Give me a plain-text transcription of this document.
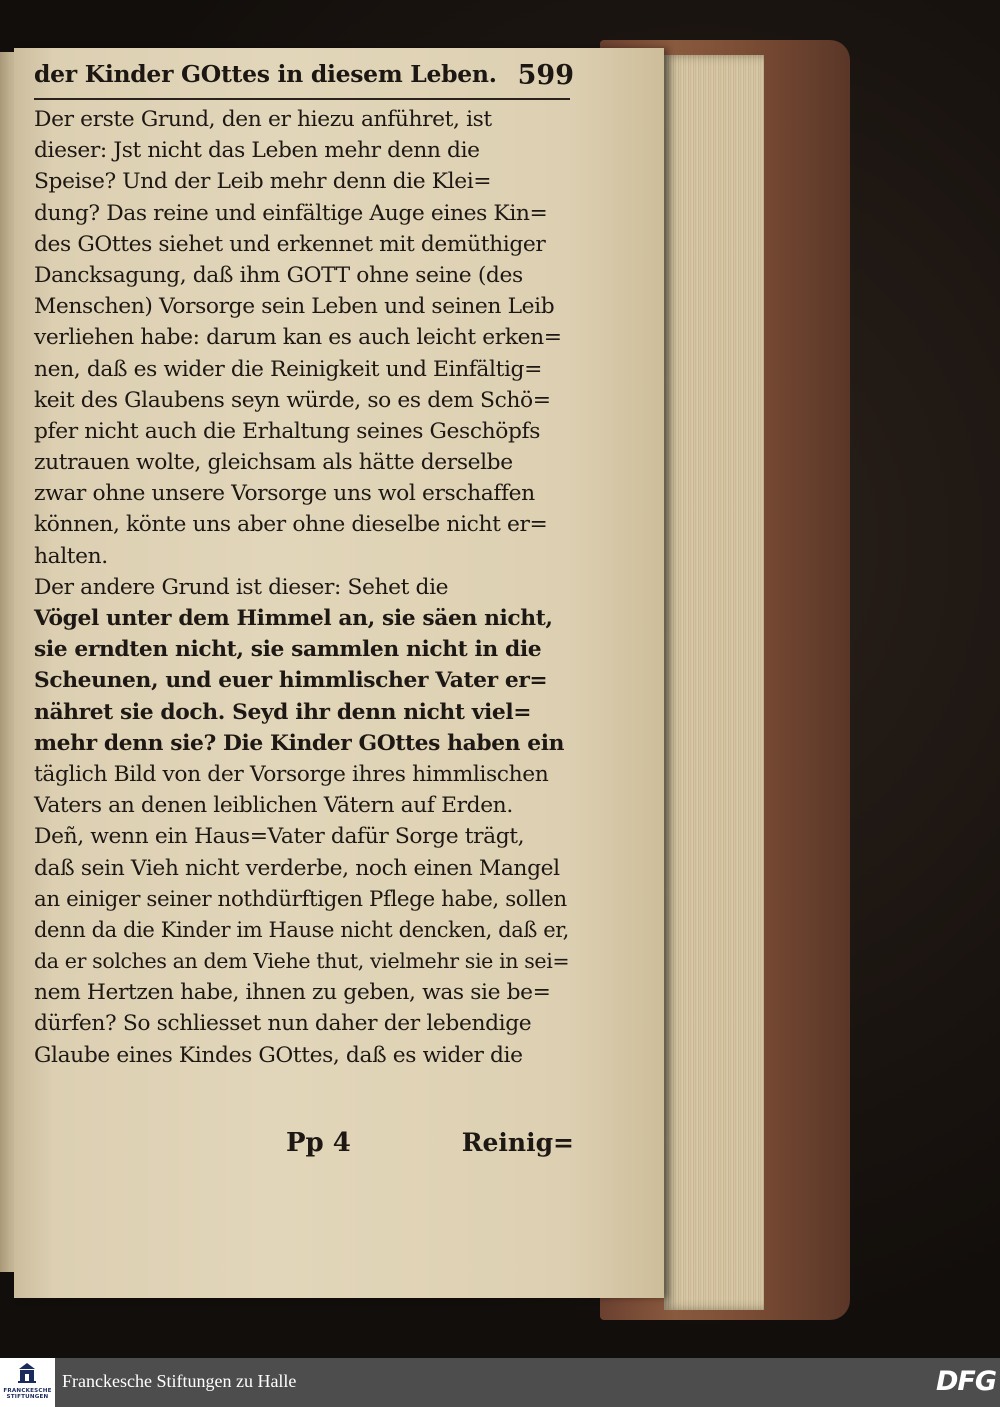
der Kinder GOttes in diesem Leben. 599
Der erste Grund, den er hiezu anführet, ist
dieser: Jst nicht das Leben mehr denn die
Speise? Und der Leib mehr denn die Klei=
dung? Das reine und einfältige Auge eines Kin=
des GOttes siehet und erkennet mit demüthiger
Dancksagung, daß ihm GOTT ohne seine (des
Menschen) Vorsorge sein Leben und seinen Leib
verliehen habe: darum kan es auch leicht erken=
nen, daß es wider die Reinigkeit und Einfältig=
keit des Glaubens seyn würde, so es dem Schö=
pfer nicht auch die Erhaltung seines Geschöpfs
zutrauen wolte, gleichsam als hätte derselbe
zwar ohne unsere Vorsorge uns wol erschaffen
können, könte uns aber ohne dieselbe nicht er=
halten.
Der andere Grund ist dieser: Sehet die
Vögel unter dem Himmel an, sie säen nicht,
sie erndten nicht, sie sammlen nicht in die
Scheunen, und euer himmlischer Vater er=
nähret sie doch. Seyd ihr denn nicht viel=
mehr denn sie? Die Kinder GOttes haben ein
täglich Bild von der Vorsorge ihres himmlischen
Vaters an denen leiblichen Vätern auf Erden.
Deñ, wenn ein Haus=Vater dafür Sorge trägt,
daß sein Vieh nicht verderbe, noch einen Mangel
an einiger seiner nothdürftigen Pflege habe, sollen
denn da die Kinder im Hause nicht dencken, daß er,
da er solches an dem Viehe thut, vielmehr sie in sei=
nem Hertzen habe, ihnen zu geben, was sie be=
dürfen? So schliesset nun daher der lebendige
Glaube eines Kindes GOttes, daß es wider die
Pp 4	Reinig=
FRANCKESCHE STIFTUNGEN
Franckesche Stiftungen zu Halle	DFG
